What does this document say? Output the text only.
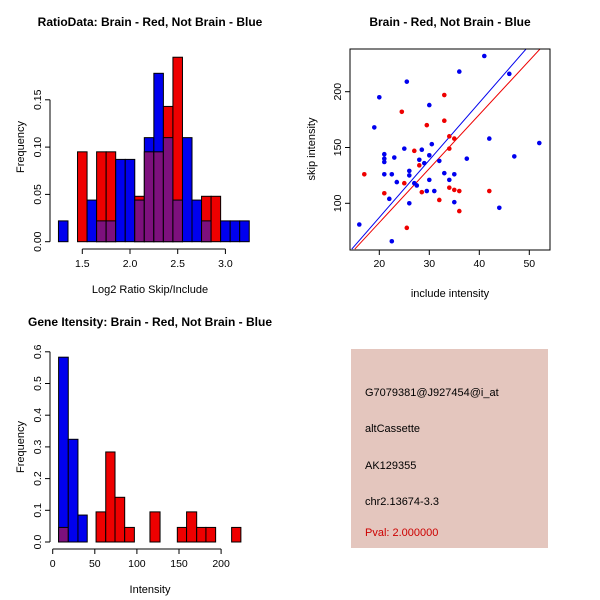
1.5	2.0	2.5	3.0
0.00
0.05
0.10
0.15
20	30	40	50
100
150
200
0	50	100 150 200
0.0
0.1
0.2
0.3
0.4
0.5
0.6
RatioData: Brain - Red, Not Brain - Blue	Brain - Red, Not Brain - Blue
Gene Itensity: Brain - Red, Not Brain - Blue
Log2 Ratio Skip/Include	include intensity
Intensity
Frequency	skip intensity
Frequency
G7079381@J927454@i_at
altCassette
AK129355
chr2.13674-3.3
Pval: 2.000000
